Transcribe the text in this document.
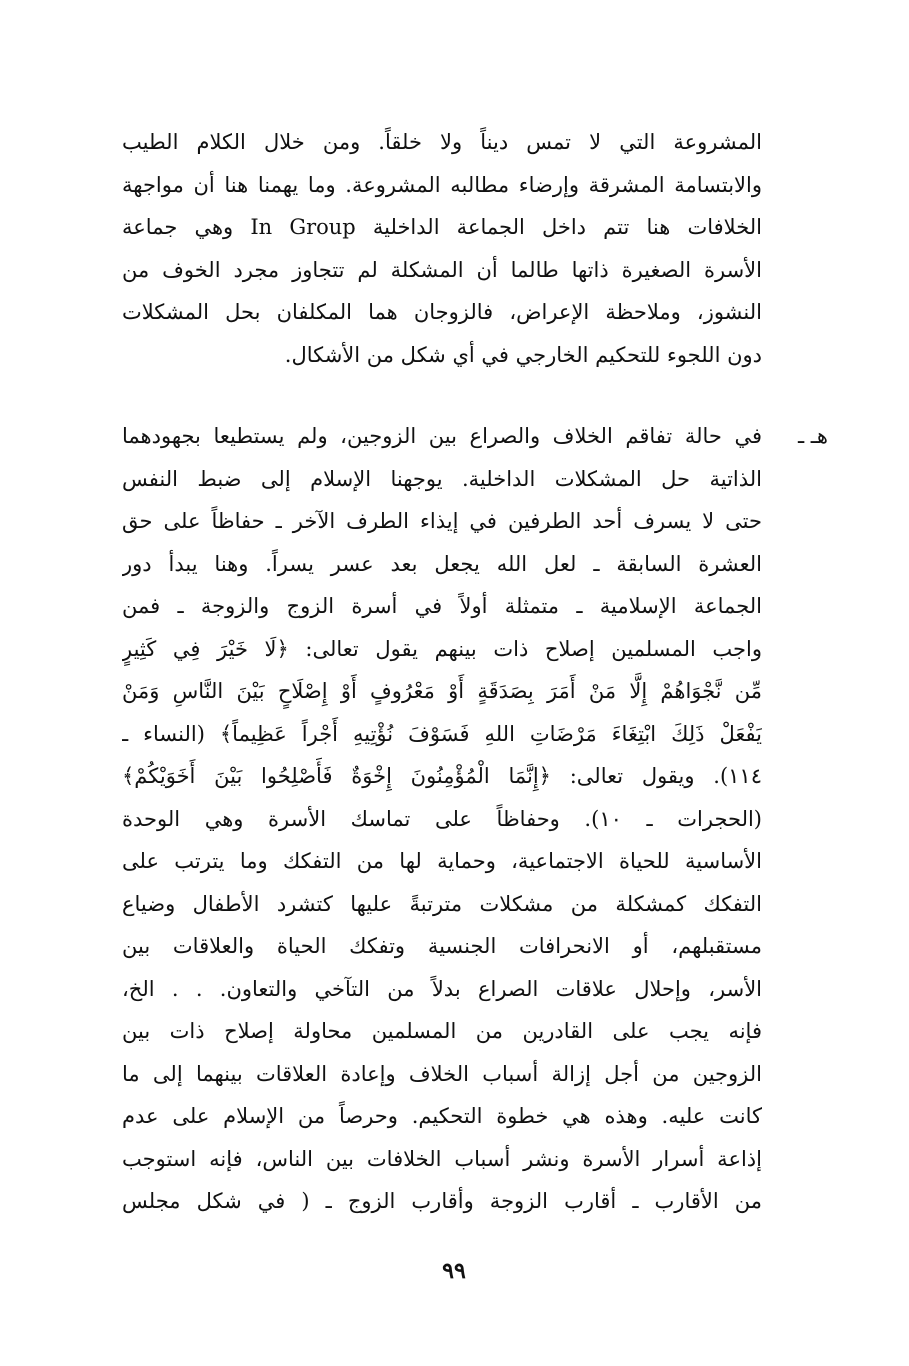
المشروعة التي لا تمس ديناً ولا خلقاً. ومن خلال الكلام الطيب
والابتسامة المشرقة وإرضاء مطالبه المشروعة. وما يهمنا هنا أن مواجهة
الخلافات هنا تتم داخل الجماعة الداخلية In Group وهي جماعة
الأسرة الصغيرة ذاتها طالما أن المشكلة لم تتجاوز مجرد الخوف من
النشوز، وملاحظة الإعراض، فالزوجان هما المكلفان بحل المشكلات
دون اللجوء للتحكيم الخارجي في أي شكل من الأشكال.
هـ ـ
في حالة تفاقم الخلاف والصراع بين الزوجين، ولم يستطيعا بجهودهما
الذاتية حل المشكلات الداخلية. يوجهنا الإسلام إلى ضبط النفس
حتى لا يسرف أحد الطرفين في إيذاء الطرف الآخر ـ حفاظاً على حق
العشرة السابقة ـ لعل الله يجعل بعد عسر يسراً. وهنا يبدأ دور
الجماعة الإسلامية ـ متمثلة أولاً في أسرة الزوج والزوجة ـ فمن
واجب المسلمين إصلاح ذات بينهم يقول تعالى: ﴿لَا خَيْرَ فِي كَثِيرٍ
مِّن نَّجْوَاهُمْ إِلَّا مَنْ أَمَرَ بِصَدَقَةٍ أَوْ مَعْرُوفٍ أَوْ إِصْلَاحٍ بَيْنَ النَّاسِ وَمَنْ
يَفْعَلْ ذَلِكَ ابْتِغَاءَ مَرْضَاتِ اللهِ فَسَوْفَ نُؤْتِيهِ أَجْراً عَظِيماً﴾ (النساء ـ
١١٤). ويقول تعالى: ﴿إِنَّمَا الْمُؤْمِنُونَ إِخْوَةٌ فَأَصْلِحُوا بَيْنَ أَخَوَيْكُمْ﴾
(الحجرات ـ ١٠). وحفاظاً على تماسك الأسرة وهي الوحدة
الأساسية للحياة الاجتماعية، وحماية لها من التفكك وما يترتب على
التفكك كمشكلة من مشكلات مترتبةً عليها كتشرد الأطفال وضياع
مستقبلهم، أو الانحرافات الجنسية وتفكك الحياة والعلاقات بين
الأسر، وإحلال علاقات الصراع بدلاً من التآخي والتعاون. . . الخ،
فإنه يجب على القادرين من المسلمين محاولة إصلاح ذات بين
الزوجين من أجل إزالة أسباب الخلاف وإعادة العلاقات بينهما إلى ما
كانت عليه. وهذه هي خطوة التحكيم. وحرصاً من الإسلام على عدم
إذاعة أسرار الأسرة ونشر أسباب الخلافات بين الناس، فإنه استوجب
من الأقارب ـ أقارب الزوجة وأقارب الزوج ـ ( في شكل مجلس
٩٩
